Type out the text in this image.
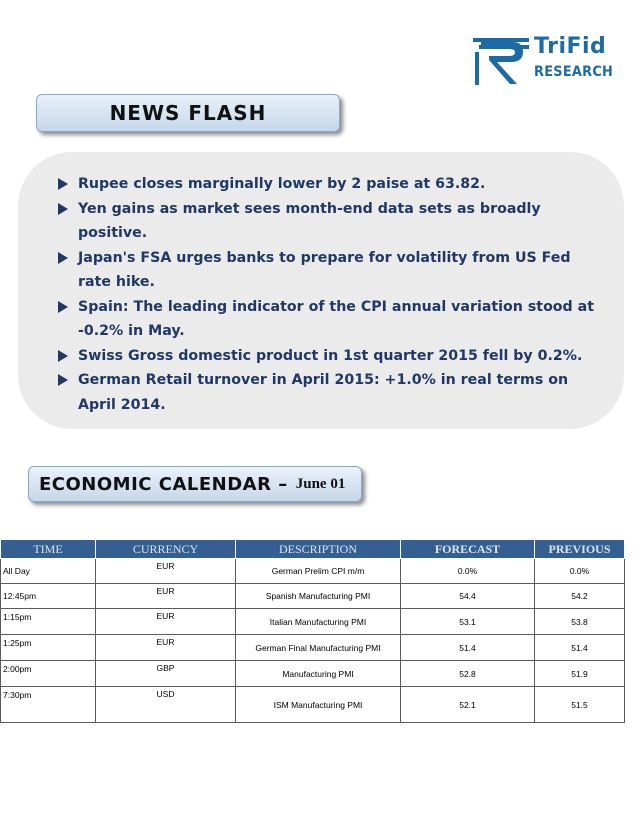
TriFid
RESEARCH
NEWS FLASH
Rupee closes marginally lower by 2 paise at 63.82.
Yen gains as market sees month-end data sets as broadly positive.
Japan's FSA urges banks to prepare for volatility from US Fed rate hike.
Spain: The leading indicator of the CPI annual variation stood at -0.2% in May.
Swiss Gross domestic product in 1st quarter 2015 fell by 0.2%.
German Retail turnover in April 2015: +1.0% in real terms on April 2014.
ECONOMIC CALENDAR – June 01
TIME	CURRENCY	DESCRIPTION	FORECAST	PREVIOUS
All Day	EUR	German Prelim CPI m/m	0.0%	0.0%
12:45pm	EUR	Spanish Manufacturing PMI	54.4	54.2
1:15pm	EUR	Italian Manufacturing PMI	53.1	53.8
1:25pm	EUR	German Final Manufacturing PMI	51.4	51.4
2:00pm	GBP	Manufacturing PMI	52.8	51.9
7:30pm	USD	ISM Manufacturing PMI	52.1	51.5
